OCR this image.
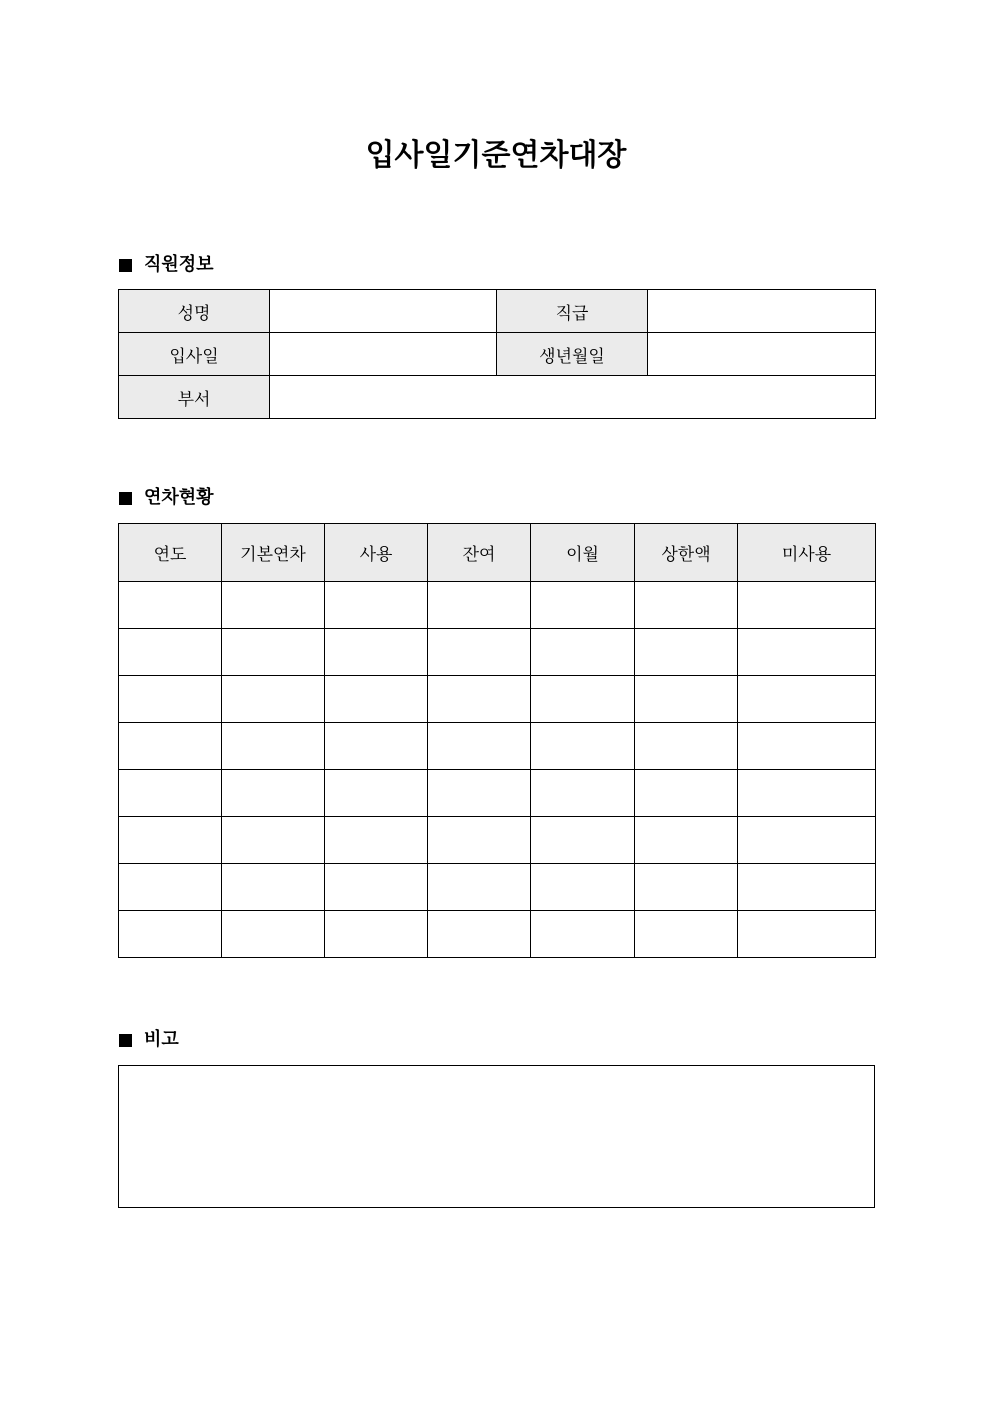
입사일기준연차대장
직원정보
성명		직급	
입사일		생년월일	
부서			
연차현황
연도	기본연차	사용	잔여	이월	상한액	미사용

비고
